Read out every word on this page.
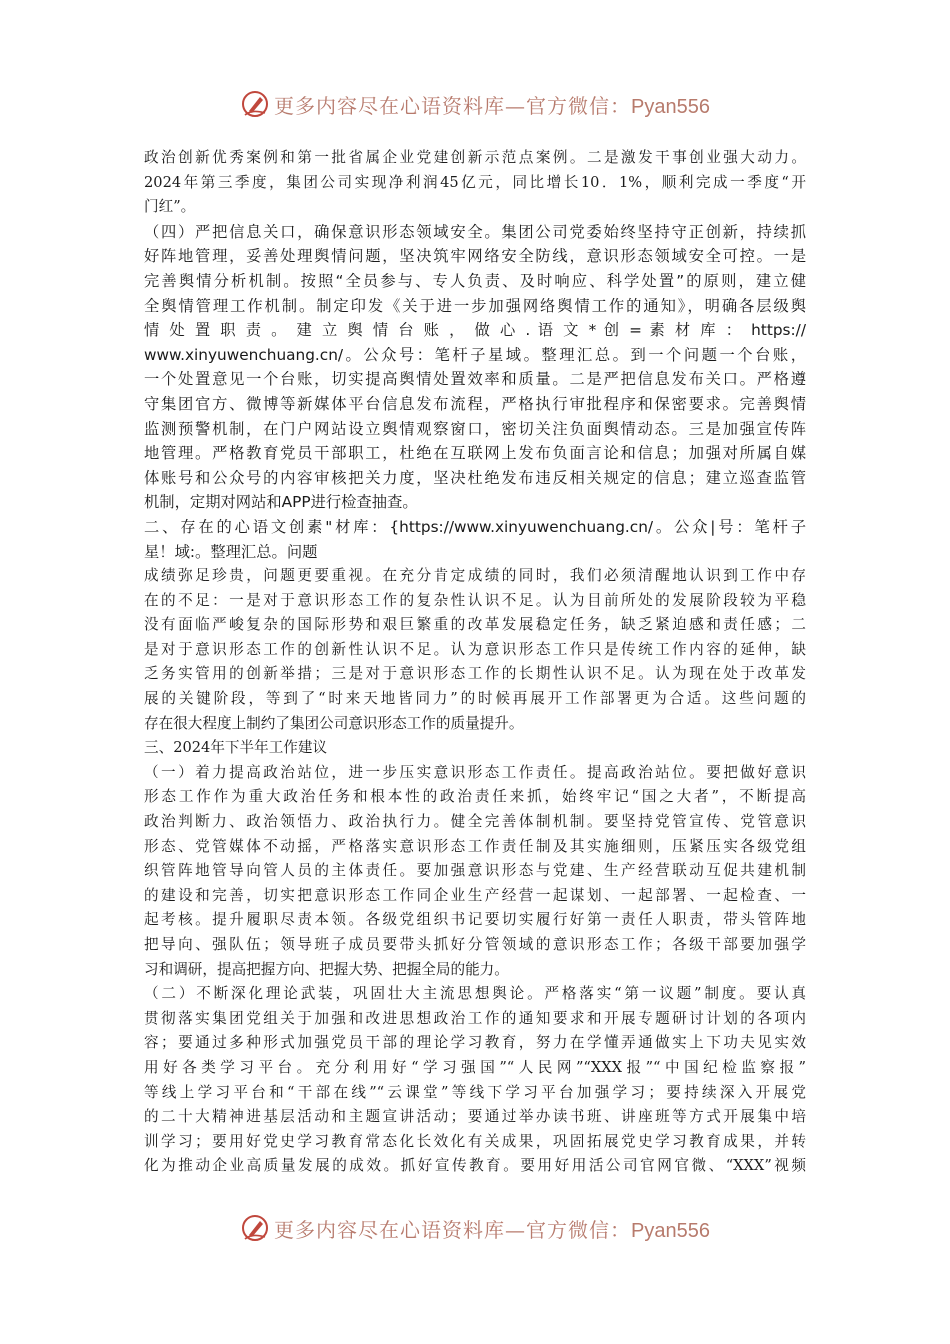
更多内容尽在心语资料库—官方微信：Pyan556
政治创新优秀案例和第一批省属企业党建创新示范点案例。二是激发干事创业强大动力。
2024年第三季度，集团公司实现净利润45亿元，同比增长10．1%，顺利完成一季度“开
门红”。
（四）严把信息关口，确保意识形态领域安全。集团公司党委始终坚持守正创新，持续抓
好阵地管理，妥善处理舆情问题，坚决筑牢网络安全防线，意识形态领域安全可控。一是
完善舆情分析机制。按照“全员参与、专人负责、及时响应、科学处置”的原则，建立健
全舆情管理工作机制。制定印发《关于进一步加强网络舆情工作的通知》，明确各层级舆
情 处 置 职 责 。 建 立 舆 情 台 账 ， 做 心 . 语 文 * 创 = 素 材 库 ： https://
www.xinyuwenchuang.cn/。公众号：笔杆子星域。整理汇总。到一个问题一个台账，
一个处置意见一个台账，切实提高舆情处置效率和质量。二是严把信息发布关口。严格遵
守集团官方、微博等新媒体平台信息发布流程，严格执行审批程序和保密要求。完善舆情
监测预警机制，在门户网站设立舆情观察窗口，密切关注负面舆情动态。三是加强宣传阵
地管理。严格教育党员干部职工，杜绝在互联网上发布负面言论和信息；加强对所属自媒
体账号和公众号的内容审核把关力度，坚决杜绝发布违反相关规定的信息；建立巡查监管
机制，定期对网站和APP进行检查抽查。
二、存在的心语文创素"材库：{https://www.xinyuwenchuang.cn/。公众|号：笔杆子
星！域:。整理汇总。问题
成绩弥足珍贵，问题更要重视。在充分肯定成绩的同时，我们必须清醒地认识到工作中存
在的不足：一是对于意识形态工作的复杂性认识不足。认为目前所处的发展阶段较为平稳
没有面临严峻复杂的国际形势和艰巨繁重的改革发展稳定任务，缺乏紧迫感和责任感；二
是对于意识形态工作的创新性认识不足。认为意识形态工作只是传统工作内容的延伸，缺
乏务实管用的创新举措；三是对于意识形态工作的长期性认识不足。认为现在处于改革发
展的关键阶段，等到了“时来天地皆同力”的时候再展开工作部署更为合适。这些问题的
存在很大程度上制约了集团公司意识形态工作的质量提升。
三、2024年下半年工作建议
（一）着力提高政治站位，进一步压实意识形态工作责任。提高政治站位。要把做好意识
形态工作作为重大政治任务和根本性的政治责任来抓，始终牢记“国之大者”，不断提高
政治判断力、政治领悟力、政治执行力。健全完善体制机制。要坚持党管宣传、党管意识
形态、党管媒体不动摇，严格落实意识形态工作责任制及其实施细则，压紧压实各级党组
织管阵地管导向管人员的主体责任。要加强意识形态与党建、生产经营联动互促共建机制
的建设和完善，切实把意识形态工作同企业生产经营一起谋划、一起部署、一起检查、一
起考核。提升履职尽责本领。各级党组织书记要切实履行好第一责任人职责，带头管阵地
把导向、强队伍；领导班子成员要带头抓好分管领域的意识形态工作；各级干部要加强学
习和调研，提高把握方向、把握大势、把握全局的能力。
（二）不断深化理论武装，巩固壮大主流思想舆论。严格落实“第一议题”制度。要认真
贯彻落实集团党组关于加强和改进思想政治工作的通知要求和开展专题研讨计划的各项内
容；要通过多种形式加强党员干部的理论学习教育，努力在学懂弄通做实上下功夫见实效
用好各类学习平台。充分利用好“学习强国”“人民网”“XXX报”“中国纪检监察报”
等线上学习平台和“干部在线”“云课堂”等线下学习平台加强学习；要持续深入开展党
的二十大精神进基层活动和主题宣讲活动；要通过举办读书班、讲座班等方式开展集中培
训学习；要用好党史学习教育常态化长效化有关成果，巩固拓展党史学习教育成果，并转
化为推动企业高质量发展的成效。抓好宣传教育。要用好用活公司官网官微、“XXX”视频
更多内容尽在心语资料库—官方微信：Pyan556
